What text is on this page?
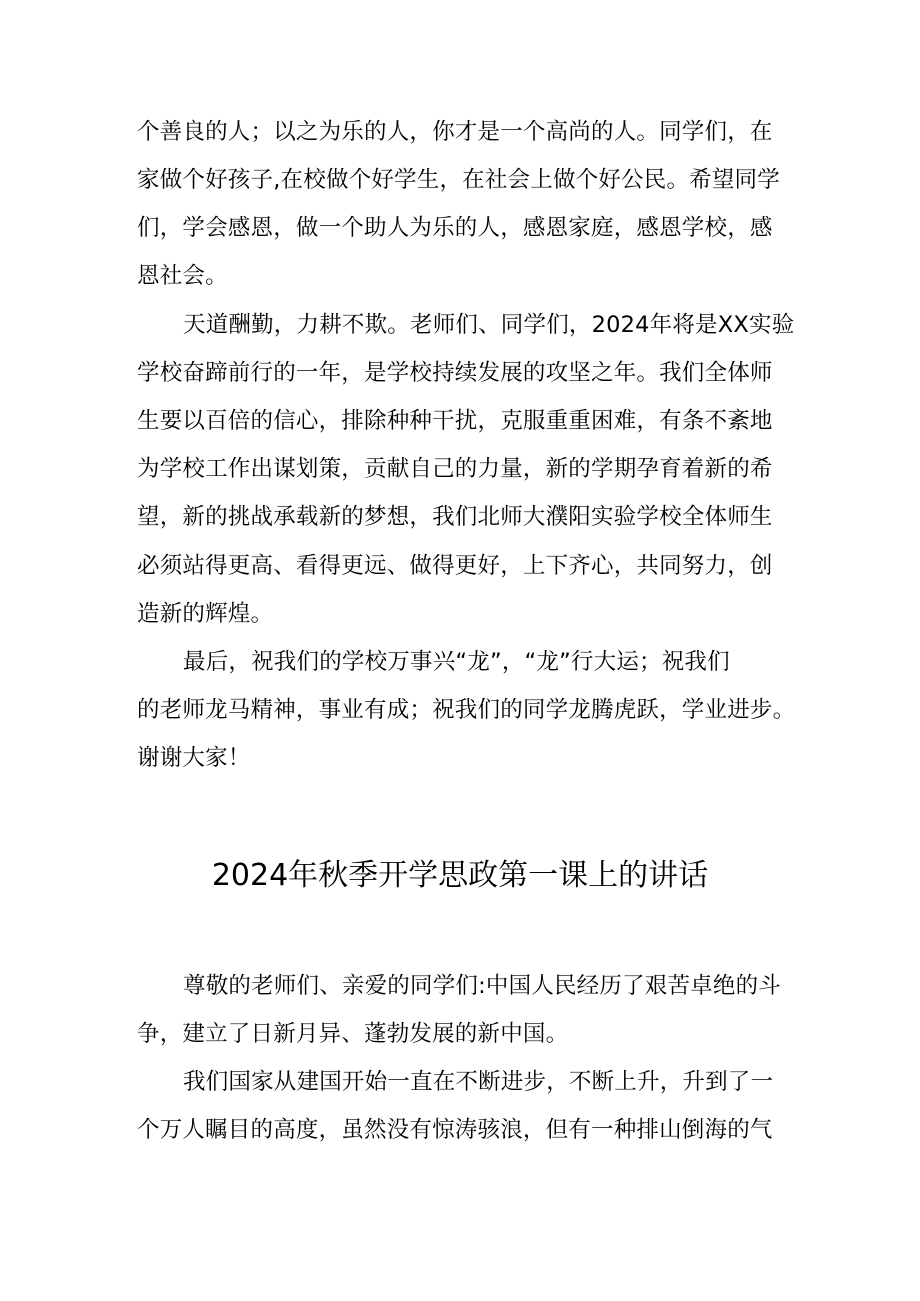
个善良的人；以之为乐的人，你才是一个高尚的人。同学们，在
家做个好孩子,在校做个好学生，在社会上做个好公民。希望同学
们，学会感恩，做一个助人为乐的人，感恩家庭，感恩学校，感
恩社会。
天道酬勤，力耕不欺。老师们、同学们，2024年将是XX实验
学校奋蹄前行的一年，是学校持续发展的攻坚之年。我们全体师
生要以百倍的信心，排除种种干扰，克服重重困难，有条不紊地
为学校工作出谋划策，贡献自己的力量，新的学期孕育着新的希
望，新的挑战承载新的梦想，我们北师大濮阳实验学校全体师生
必须站得更高、看得更远、做得更好，上下齐心，共同努力，创
造新的辉煌。
最后，祝我们的学校万事兴“龙”，“龙”行大运；祝我们
的老师龙马精神，事业有成；祝我们的同学龙腾虎跃，学业进步。
谢谢大家！
2024年秋季开学思政第一课上的讲话
尊敬的老师们、亲爱的同学们:中国人民经历了艰苦卓绝的斗
争，建立了日新月异、蓬勃发展的新中国。
我们国家从建国开始一直在不断进步，不断上升，升到了一
个万人瞩目的高度，虽然没有惊涛骇浪，但有一种排山倒海的气
